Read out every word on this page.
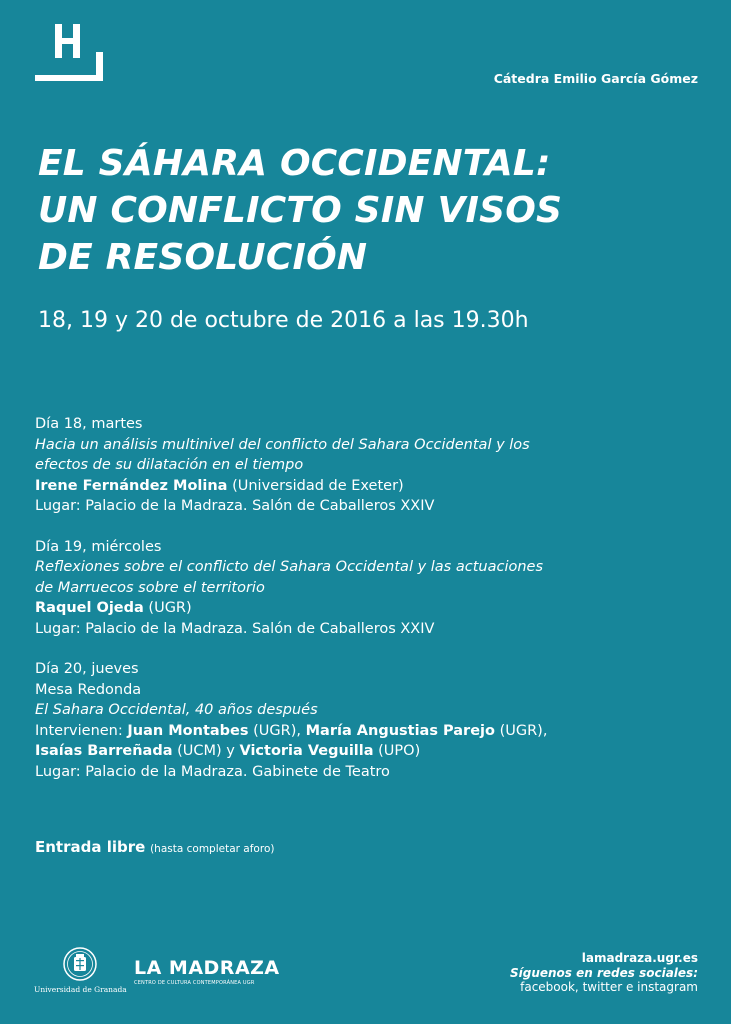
Cátedra Emilio García Gómez
EL SÁHARA OCCIDENTAL:
UN CONFLICTO SIN VISOS
DE RESOLUCIÓN
18, 19 y 20 de octubre de 2016 a las 19.30h
Día 18, martes
Hacia un análisis multinivel del conflicto del Sahara Occidental y los
efectos de su dilatación en el tiempo
Irene Fernández Molina (Universidad de Exeter)
Lugar: Palacio de la Madraza. Salón de Caballeros XXIV
Día 19, miércoles
Reflexiones sobre el conflicto del Sahara Occidental y las actuaciones
de Marruecos sobre el territorio
Raquel Ojeda (UGR)
Lugar: Palacio de la Madraza. Salón de Caballeros XXIV
Día 20, jueves
Mesa Redonda
El Sahara Occidental, 40 años después
Intervienen: Juan Montabes (UGR), María Angustias Parejo (UGR),
Isaías Barreñada (UCM) y Victoria Veguilla (UPO)
Lugar: Palacio de la Madraza. Gabinete de Teatro
Entrada libre (hasta completar aforo)
Universidad de Granada
LA MADRAZA
CENTRO DE CULTURA CONTEMPORÁNEA UGR
lamadraza.ugr.es
Síguenos en redes sociales:
facebook, twitter e instagram
